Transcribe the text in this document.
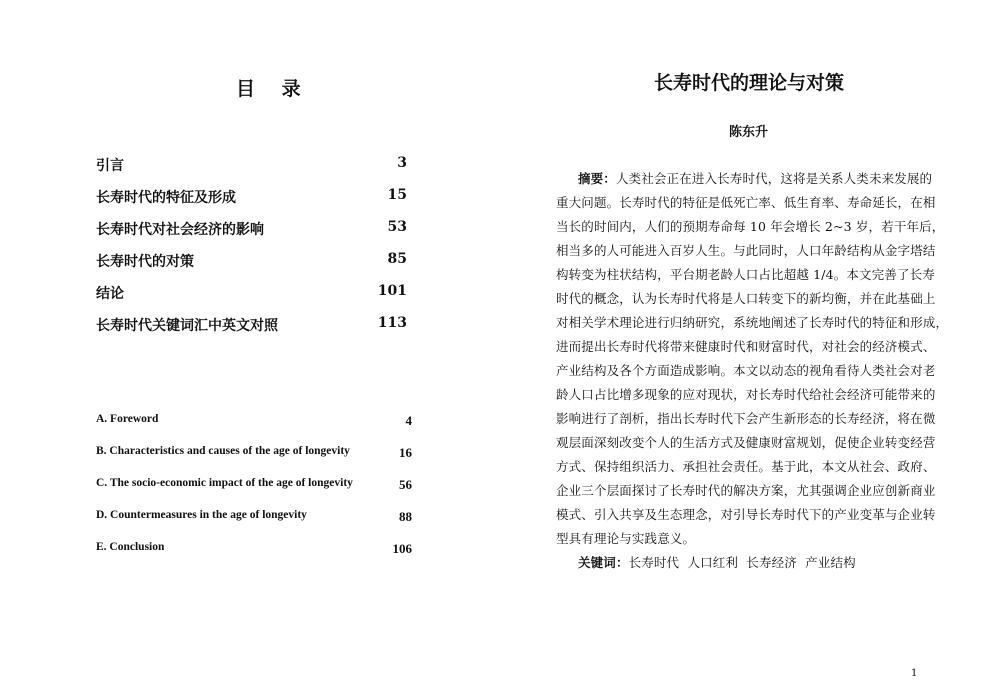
目 录
引言	3
长寿时代的特征及形成	15
长寿时代对社会经济的影响	53
长寿时代的对策	85
结论	101
长寿时代关键词汇中英文对照	113
A. Foreword	4
B. Characteristics and causes of the age of longevity	16
C. The socio-economic impact of the age of longevity	56
D. Countermeasures in the age of longevity	88
E. Conclusion	106
长寿时代的理论与对策
陈东升
摘要：人类社会正在进入长寿时代，这将是关系人类未来发展的
重大问题。长寿时代的特征是低死亡率、低生育率、寿命延长，在相
当长的时间内，人们的预期寿命每 10 年会增长 2~3 岁，若干年后，
相当多的人可能进入百岁人生。与此同时，人口年龄结构从金字塔结
构转变为柱状结构，平台期老龄人口占比超越 1/4。本文完善了长寿
时代的概念，认为长寿时代将是人口转变下的新均衡，并在此基础上
对相关学术理论进行归纳研究，系统地阐述了长寿时代的特征和形成，
进而提出长寿时代将带来健康时代和财富时代，对社会的经济模式、
产业结构及各个方面造成影响。本文以动态的视角看待人类社会对老
龄人口占比增多现象的应对现状，对长寿时代给社会经济可能带来的
影响进行了剖析，指出长寿时代下会产生新形态的长寿经济，将在微
观层面深刻改变个人的生活方式及健康财富规划，促使企业转变经营
方式、保持组织活力、承担社会责任。基于此，本文从社会、政府、
企业三个层面探讨了长寿时代的解决方案，尤其强调企业应创新商业
模式、引入共享及生态理念，对引导长寿时代下的产业变革与企业转
型具有理论与实践意义。
关键词：长寿时代  人口红利  长寿经济  产业结构
1
